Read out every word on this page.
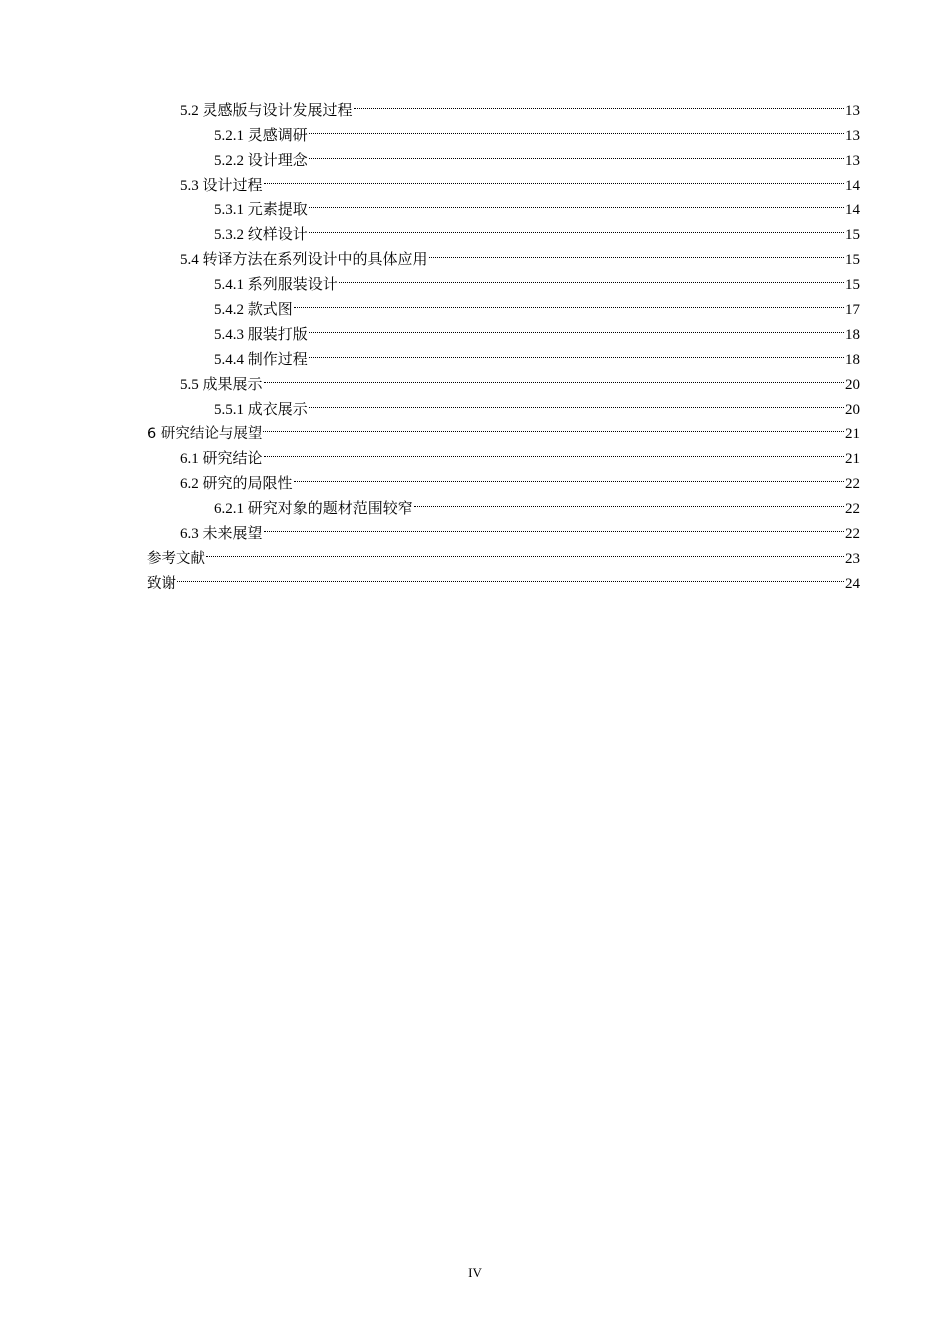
5.2 灵感版与设计发展过程	13
5.2.1 灵感调研	13
5.2.2 设计理念	13
5.3 设计过程	14
5.3.1 元素提取	14
5.3.2 纹样设计	15
5.4 转译方法在系列设计中的具体应用	15
5.4.1 系列服装设计	15
5.4.2 款式图	17
5.4.3 服装打版	18
5.4.4 制作过程	18
5.5 成果展示	20
5.5.1 成衣展示	20
6 研究结论与展望	21
6.1 研究结论	21
6.2 研究的局限性	22
6.2.1 研究对象的题材范围较窄	22
6.3 未来展望	22
参考文献	23
致谢	24
IV
